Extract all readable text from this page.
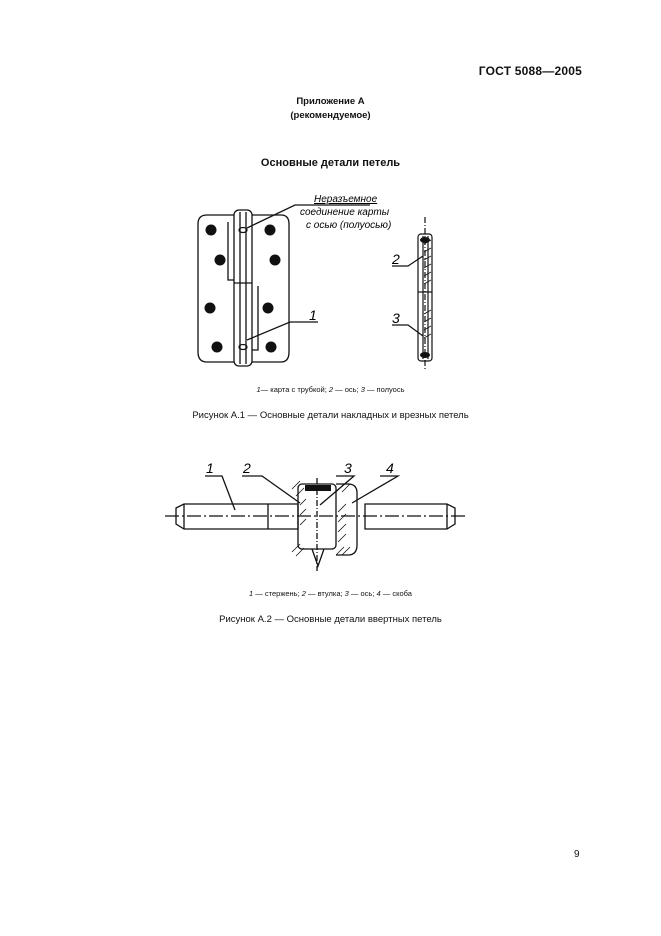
ГОСТ 5088—2005
Приложение А
(рекомендуемое)
Основные детали петель
Неразъемное
соединение карты
с осью (полуосью)
1
2
3
1 2	3 4
1— карта с трубкой; 2 — ось; 3 — полуось
Рисунок А.1 — Основные детали накладных и врезных петель
1 — стержень; 2 — втулка; 3 — ось; 4 — скоба
Рисунок А.2 — Основные детали ввертных петель
9
